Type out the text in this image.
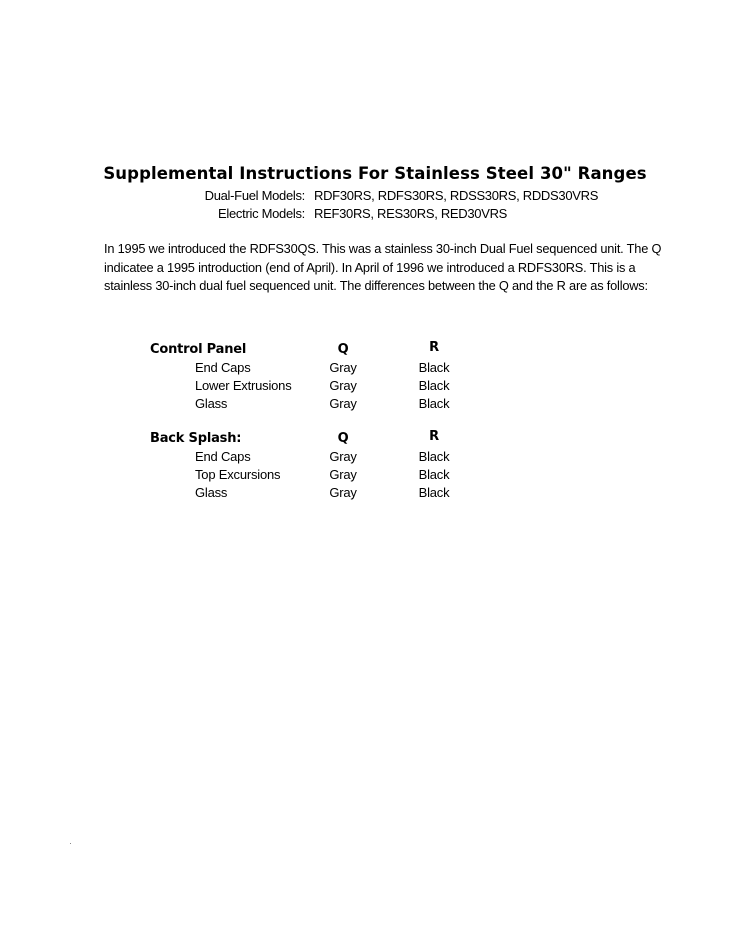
Supplemental Instructions For Stainless Steel 30" Ranges
Dual-Fuel Models: RDF30RS, RDFS30RS, RDSS30RS, RDDS30VRS
Electric Models: REF30RS, RES30RS, RED30VRS
In 1995 we introduced the RDFS30QS. This was a stainless 30-inch Dual Fuel sequenced unit. The Q indicatee a 1995 introduction (end of April). In April of 1996 we introduced a RDFS30RS. This is a stainless 30-inch dual fuel sequenced unit. The differences between the Q and the R are as follows:
Control Panel	Q	R
End Caps	Gray	Black
Lower Extrusions	Gray	Black
Glass	Gray	Black
Back Splash:	Q	R
End Caps	Gray	Black
Top Excursions	Gray	Black
Glass	Gray	Black
